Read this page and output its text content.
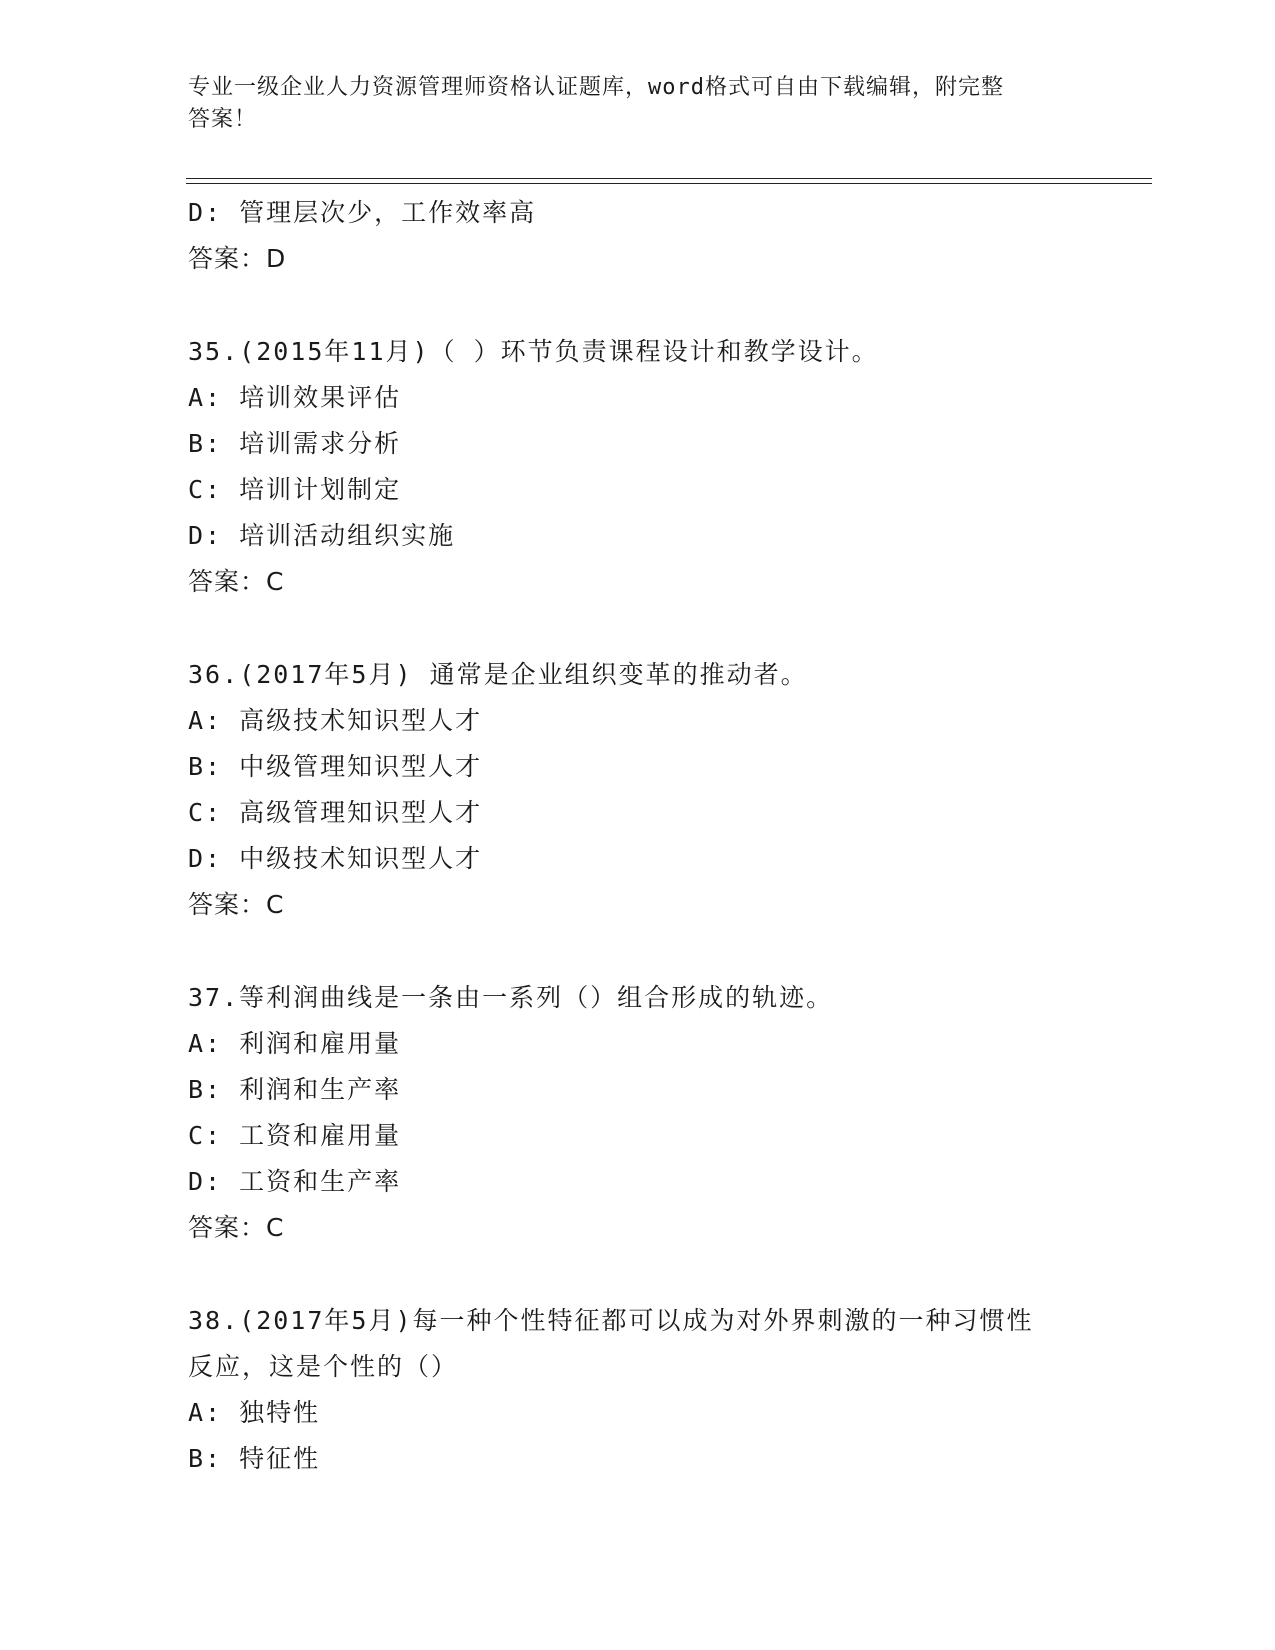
专业一级企业人力资源管理师资格认证题库，word格式可自由下载编辑，附完整
答案！
D: 管理层次少，工作效率高
答案：D
35.(2015年11月)（ ）环节负责课程设计和教学设计。
A: 培训效果评估
B: 培训需求分析
C: 培训计划制定
D: 培训活动组织实施
答案：C
36.(2017年5月) 通常是企业组织变革的推动者。
A: 高级技术知识型人才
B: 中级管理知识型人才
C: 高级管理知识型人才
D: 中级技术知识型人才
答案：C
37.等利润曲线是一条由一系列（）组合形成的轨迹。
A: 利润和雇用量
B: 利润和生产率
C: 工资和雇用量
D: 工资和生产率
答案：C
38.(2017年5月)每一种个性特征都可以成为对外界刺激的一种习惯性
反应，这是个性的（）
A: 独特性
B: 特征性
